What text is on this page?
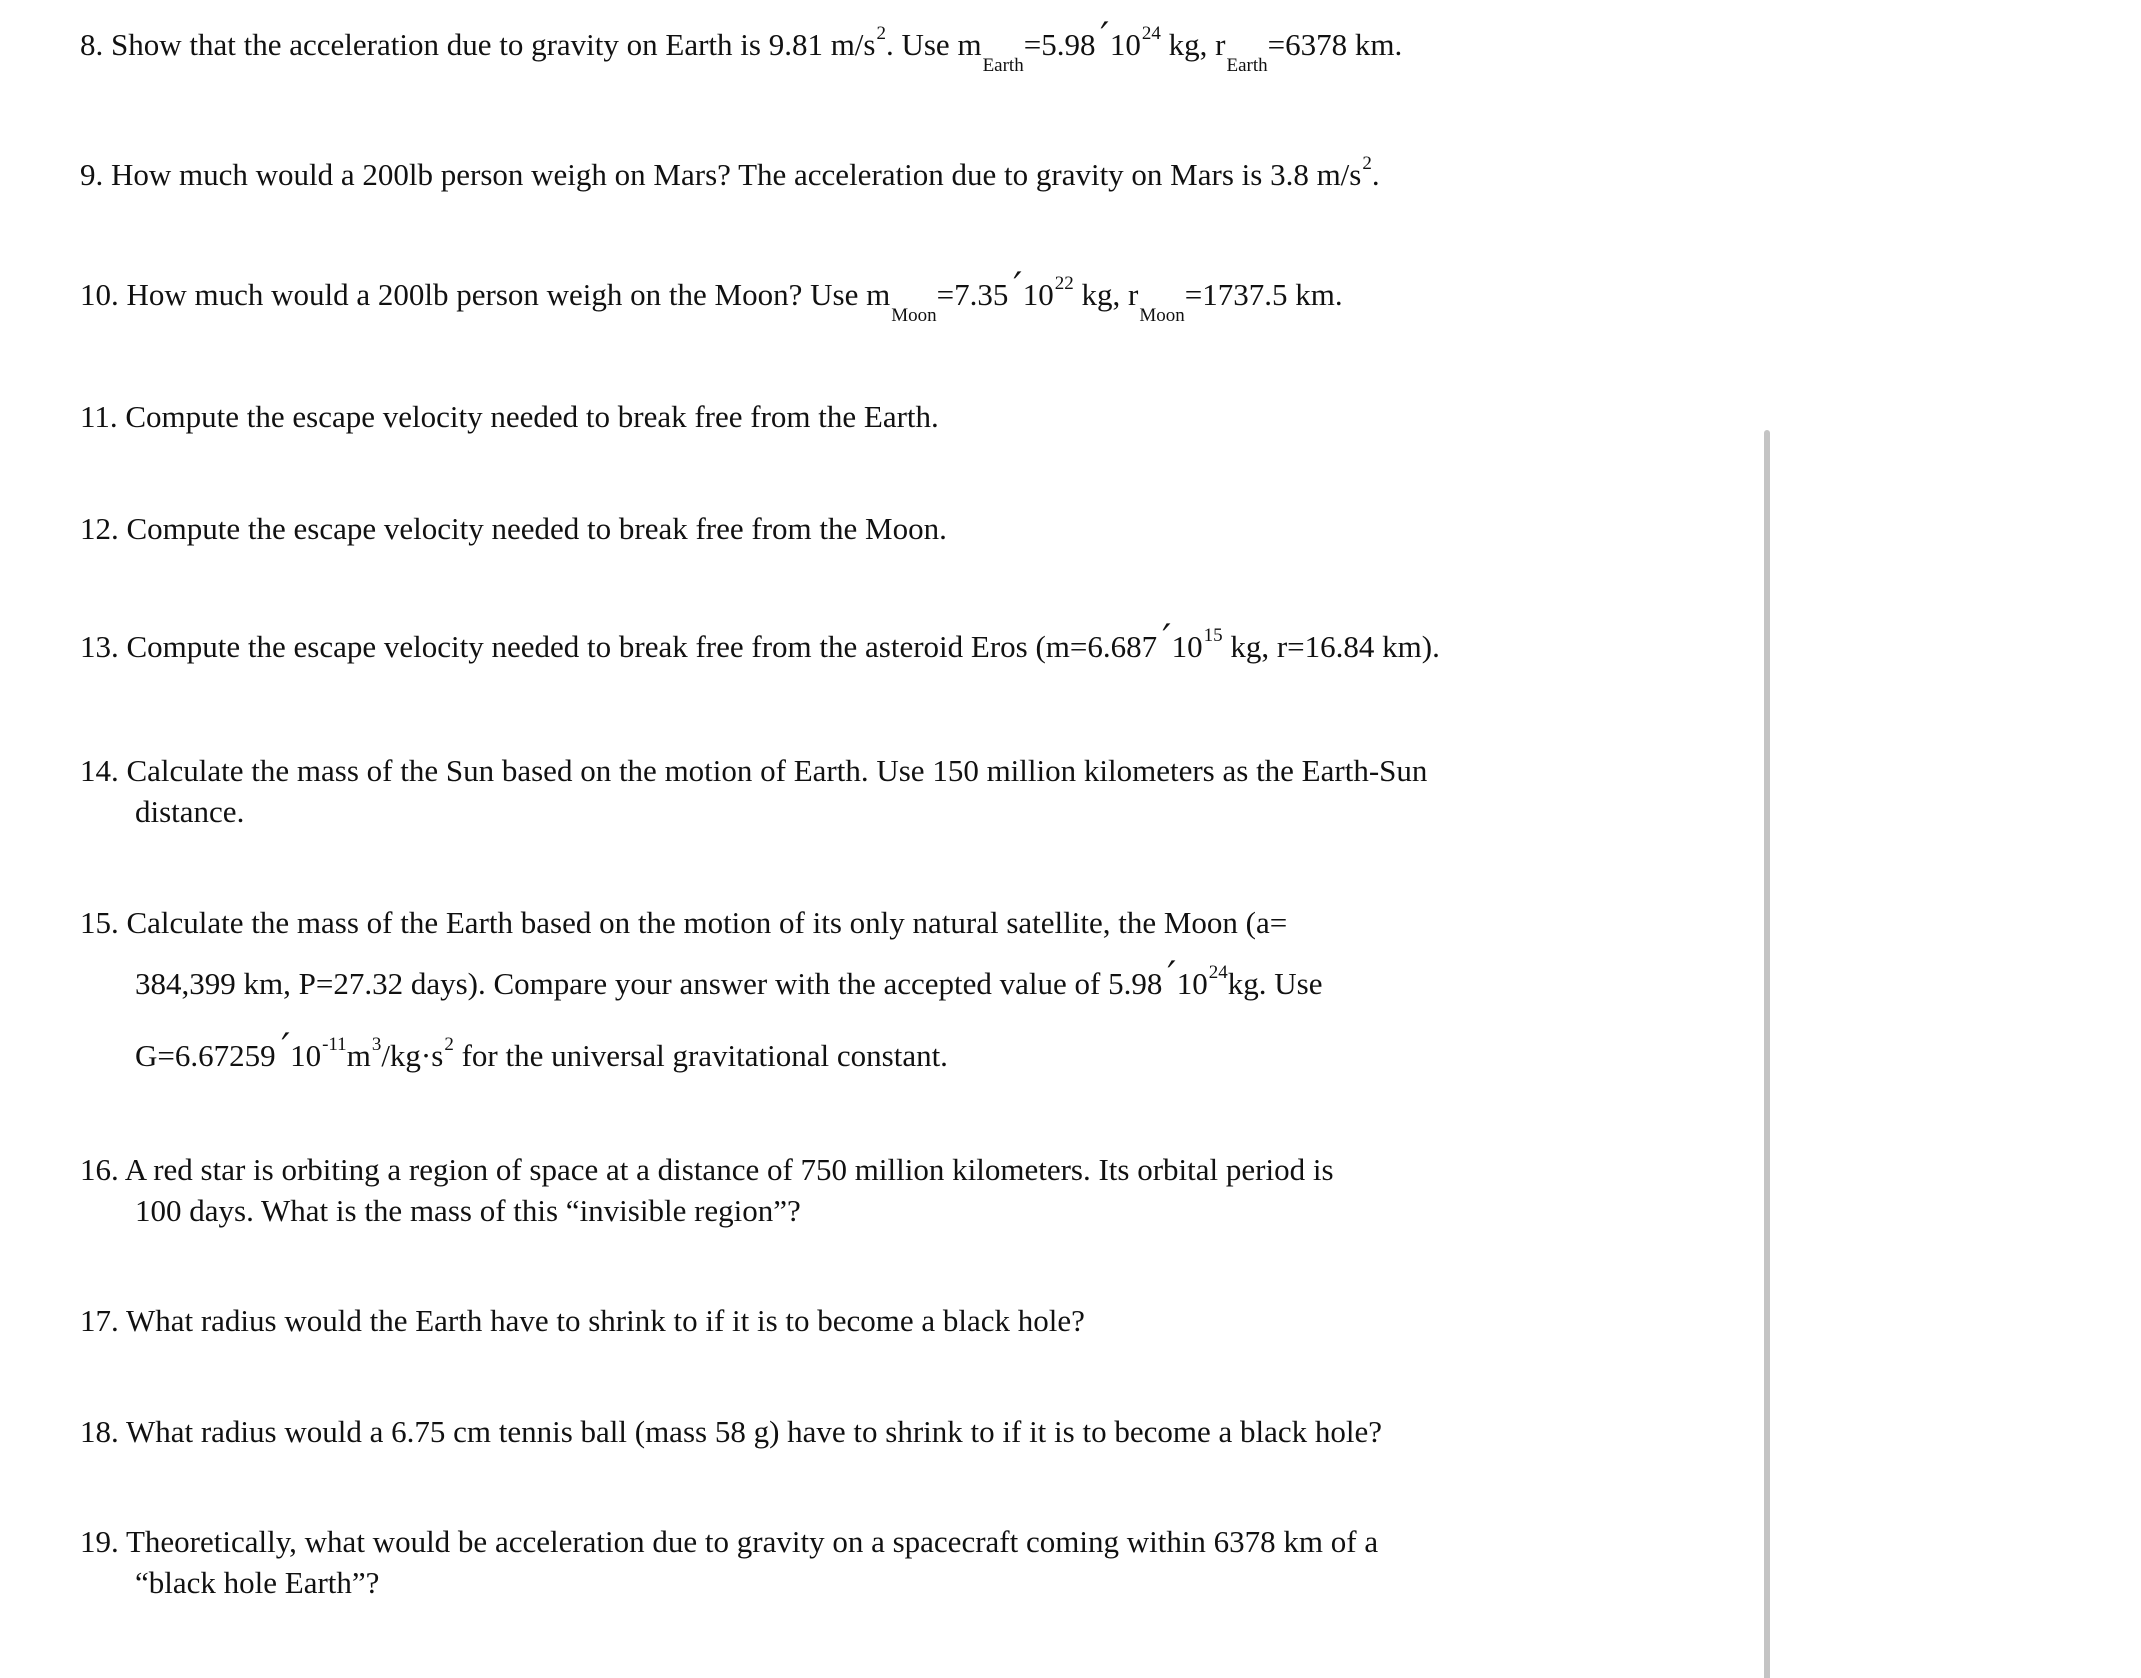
8. Show that the acceleration due to gravity on Earth is 9.81 $m/s^2$. Use $m_{Earth}=5.98$ $10^{24}$ kg, $r_{Earth}=6378$ km.
9. How much would a 200lb person weigh on Mars? The acceleration due to gravity on Mars is 3.8 $m/s^2$.
10. How much would a 200lb person weigh on the Moon? Use $m_{Moon}=7.35$ $10^{22}$ kg, $r_{Moon}=1737.5$ km.
11. Compute the escape velocity needed to break free from the Earth.
12. Compute the escape velocity needed to break free from the Moon.
13. Compute the escape velocity needed to break free from the asteroid Eros (m=6.687 $10^{15}$ kg, r=16.84 km).
14. Calculate the mass of the Sun based on the motion of Earth. Use 150 million kilometers as the Earth-Sun
distance.
15. Calculate the mass of the Earth based on the motion of its only natural satellite, the Moon (a=
384,399 km, P=27.32 days). Compare your answer with the accepted value of 5.98 $10^{24}kg$. Use
G=6.67259 $10^{-11}m^3/kg\cdot s^2$ for the universal gravitational constant.
16. A red star is orbiting a region of space at a distance of 750 million kilometers. Its orbital period is
100 days. What is the mass of this “invisible region”?
17. What radius would the Earth have to shrink to if it is to become a black hole?
18. What radius would a 6.75 cm tennis ball (mass 58 g) have to shrink to if it is to become a black hole?
19. Theoretically, what would be acceleration due to gravity on a spacecraft coming within 6378 km of a
“black hole Earth”?
